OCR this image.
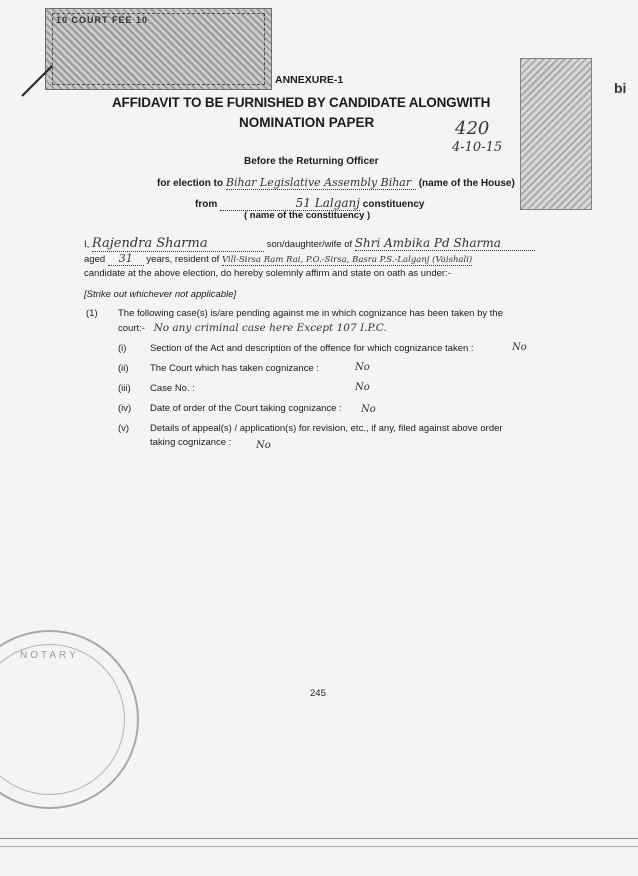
10 COURT FEE 10
NOTARY
bi
ANNEXURE-1
AFFIDAVIT TO BE FURNISHED BY CANDIDATE ALONGWITH
NOMINATION PAPER	420
4-10-15
Before the Returning Officer
for election to Bihar Legislative Assembly Bihar (name of the House)
from	51 Lalganj constituency
( name of the constituency )
I, Rajendra Sharma	son/daughter/wife of Shri Ambika Pd Sharma
aged 31 years, resident of Vill-Sirsa Ram Rai, P.O.-Sirsa, Basra P.S.-Lalganj (Vaishali)
candidate at the above election, do hereby solemnly affirm and state on oath as under:-
[Strike out whichever not applicable]
(1) The following case(s) is/are pending against me in which cognizance has been taken by the
court:- No any criminal case here Except 107 I.P.C.
(i) Section of the Act and description of the offence for which cognizance taken :	No
(ii) The Court which has taken cognizance :	No
(iii) Case No. :	No
(iv) Date of order of the Court taking cognizance : No
(v) Details of appeal(s) / application(s) for revision, etc., if any, filed against above order
taking cognizance : No
245
